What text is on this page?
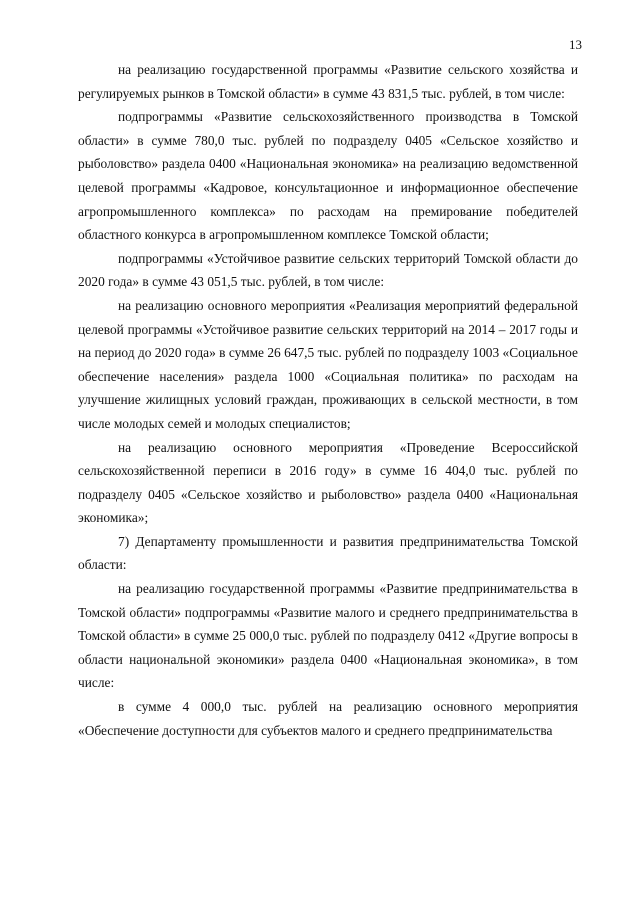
13

на реализацию государственной программы «Развитие сельского хозяйства и регулируемых рынков в Томской области» в сумме 43 831,5 тыс. рублей, в том числе:

подпрограммы «Развитие сельскохозяйственного производства в Томской области» в сумме 780,0 тыс. рублей по подразделу 0405 «Сельское хозяйство и рыболовство» раздела 0400 «Национальная экономика» на реализацию ведомственной целевой программы «Кадровое, консультационное и информационное обеспечение агропромышленного комплекса» по расходам на премирование победителей областного конкурса в агропромышленном комплексе Томской области;

подпрограммы «Устойчивое развитие сельских территорий Томской области до 2020 года» в сумме 43 051,5 тыс. рублей, в том числе:

на реализацию основного мероприятия «Реализация мероприятий федеральной целевой программы «Устойчивое развитие сельских территорий на 2014 – 2017 годы и на период до 2020 года» в сумме 26 647,5 тыс. рублей по подразделу 1003 «Социальное обеспечение населения» раздела 1000 «Социальная политика» по расходам на улучшение жилищных условий граждан, проживающих в сельской местности, в том числе молодых семей и молодых специалистов;

на реализацию основного мероприятия «Проведение Всероссийской сельскохозяйственной переписи в 2016 году» в сумме 16 404,0 тыс. рублей по подразделу 0405 «Сельское хозяйство и рыболовство» раздела 0400 «Национальная экономика»;

7) Департаменту промышленности и развития предпринимательства Томской области:

на реализацию государственной программы «Развитие предпринимательства в Томской области» подпрограммы «Развитие малого и среднего предпринимательства в Томской области» в сумме 25 000,0 тыс. рублей по подразделу 0412 «Другие вопросы в области национальной экономики» раздела 0400 «Национальная экономика», в том числе:

в сумме 4 000,0 тыс. рублей на реализацию основного мероприятия «Обеспечение доступности для субъектов малого и среднего предпринимательства
